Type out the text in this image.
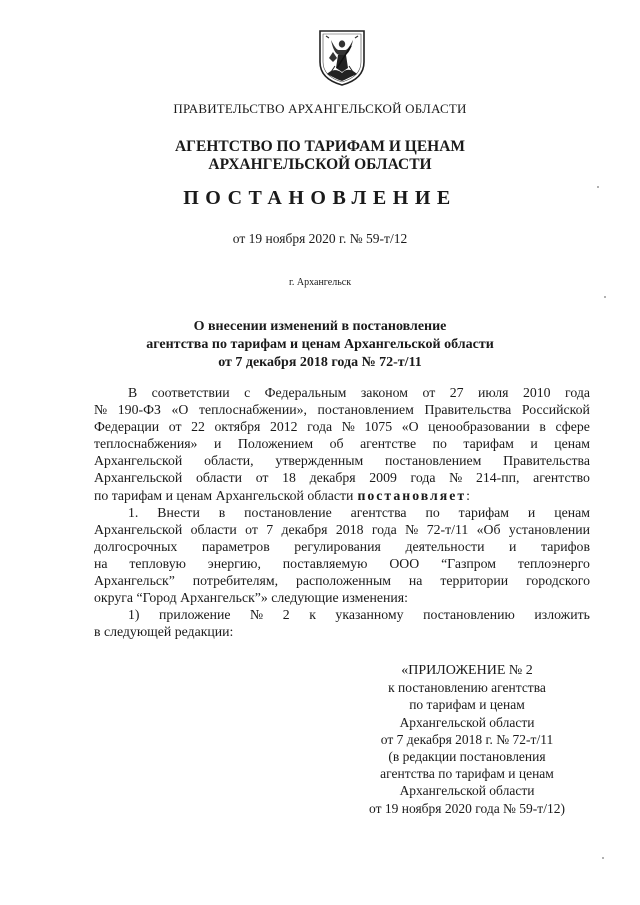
ПРАВИТЕЛЬСТВО АРХАНГЕЛЬСКОЙ ОБЛАСТИ
АГЕНТСТВО ПО ТАРИФАМ И ЦЕНАМ
АРХАНГЕЛЬСКОЙ ОБЛАСТИ
ПОСТАНОВЛЕНИЕ
от 19 ноября 2020 г. № 59-т/12
г. Архангельск
О внесении изменений в постановление
агентства по тарифам и ценам Архангельской области
от 7 декабря 2018 года № 72-т/11
В соответствии с Федеральным законом от 27 июля 2010 года
№ 190-ФЗ «О теплоснабжении», постановлением Правительства Российской
Федерации от 22 октября 2012 года № 1075 «О ценообразовании в сфере
теплоснабжения» и Положением об агентстве по тарифам и ценам
Архангельской области, утвержденным постановлением Правительства
Архангельской области от 18 декабря 2009 года № 214-пп, агентство
по тарифам и ценам Архангельской области постановляет :
1. Внести в постановление агентства по тарифам и ценам
Архангельской области от 7 декабря 2018 года № 72-т/11 «Об установлении
долгосрочных параметров регулирования деятельности и тарифов
на тепловую энергию, поставляемую ООО “Газпром теплоэнерго
Архангельск” потребителям, расположенным на территории городского
округа “Город Архангельск”» следующие изменения:
1) приложение № 2 к указанному постановлению изложить
в следующей редакции:
«ПРИЛОЖЕНИЕ № 2
к постановлению агентства
по тарифам и ценам
Архангельской области
от 7 декабря 2018 г. № 72-т/11
(в редакции постановления
агентства по тарифам и ценам
Архангельской области
от 19 ноября 2020 года № 59-т/12)
